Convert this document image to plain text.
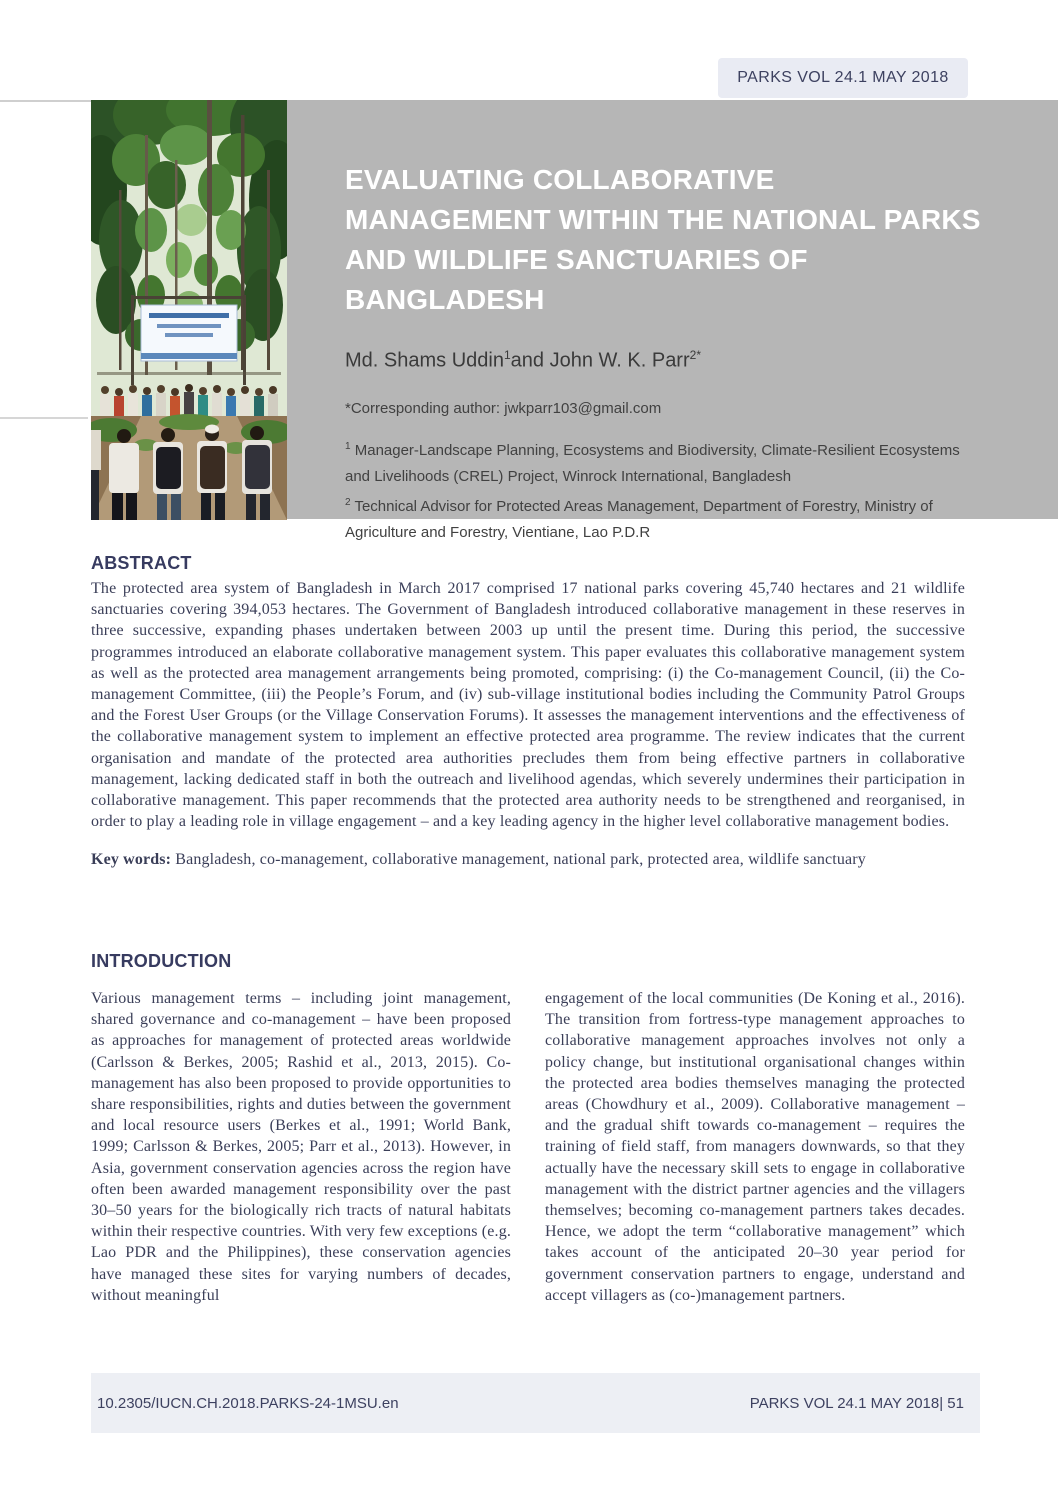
PARKS VOL 24.1 MAY 2018
EVALUATING COLLABORATIVE MANAGEMENT WITHIN THE NATIONAL PARKS AND WILDLIFE SANCTUARIES OF BANGLADESH

Md. Shams Uddin$^1$and John W. K. Parr$^{2*}$

*Corresponding author: jwkparr103@gmail.com

$^1$ Manager-Landscape Planning, Ecosystems and Biodiversity, Climate-Resilient Ecosystems and Livelihoods (CREL) Project, Winrock International, Bangladesh

$^2$ Technical Advisor for Protected Areas Management, Department of Forestry, Ministry of Agriculture and Forestry, Vientiane, Lao P.D.R

ABSTRACT

The protected area system of Bangladesh in March 2017 comprised 17 national parks covering 45,740 hectares and 21 wildlife sanctuaries covering 394,053 hectares. The Government of Bangladesh introduced collaborative management in these reserves in three successive, expanding phases undertaken between 2003 up until the present time. During this period, the successive programmes introduced an elaborate collaborative management system. This paper evaluates this collaborative management system as well as the protected area management arrangements being promoted, comprising: (i) the Co-management Council, (ii) the Co-management Committee, (iii) the People’s Forum, and (iv) sub-village institutional bodies including the Community Patrol Groups and the Forest User Groups (or the Village Conservation Forums). It assesses the management interventions and the effectiveness of the collaborative management system to implement an effective protected area programme. The review indicates that the current organisation and mandate of the protected area authorities precludes them from being effective partners in collaborative management, lacking dedicated staff in both the outreach and livelihood agendas, which severely undermines their participation in collaborative management. This paper recommends that the protected area authority needs to be strengthened and reorganised, in order to play a leading role in village engagement – and a key leading agency in the higher level collaborative management bodies.

Key words: Bangladesh, co-management, collaborative management, national park, protected area, wildlife sanctuary

INTRODUCTION

Various management terms – including joint management, shared governance and co-management – have been proposed as approaches for management of protected areas worldwide (Carlsson & Berkes, 2005; Rashid et al., 2013, 2015). Co-management has also been proposed to provide opportunities to share responsibilities, rights and duties between the government and local resource users (Berkes et al., 1991; World Bank, 1999; Carlsson & Berkes, 2005; Parr et al., 2013). However, in Asia, government conservation agencies across the region have often been awarded management responsibility over the past 30–50 years for the biologically rich tracts of natural habitats within their respective countries. With very few exceptions (e.g. Lao PDR and the Philippines), these conservation agencies have managed these sites for varying numbers of decades, without meaningful

engagement of the local communities (De Koning et al., 2016). The transition from fortress-type management approaches to collaborative management approaches involves not only a policy change, but institutional organisational changes within the protected area bodies themselves managing the protected areas (Chowdhury et al., 2009). Collaborative management – and the gradual shift towards co-management – requires the training of field staff, from managers downwards, so that they actually have the necessary skill sets to engage in collaborative management with the district partner agencies and the villagers themselves; becoming co-management partners takes decades. Hence, we adopt the term “collaborative management” which takes account of the anticipated 20–30 year period for government conservation partners to engage, understand and accept villagers as (co-)management partners.

10.2305/IUCN.CH.2018.PARKS-24-1MSU.en	PARKS VOL 24.1 MAY 2018| 51
